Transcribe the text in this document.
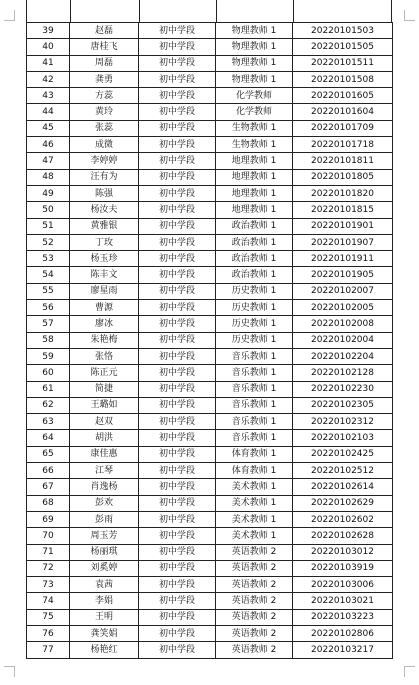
39	赵磊	初中学段	物理教师 1	20220101503
40	唐桂飞	初中学段	物理教师 1	20220101505
41	周磊	初中学段	物理教师 1	20220101511
42	龚勇	初中学段	物理教师 1	20220101508
43	方蕊	初中学段	化学教师	20220101605
44	黄玲	初中学段	化学教师	20220101604
45	张蕊	初中学段	生物教师 1	20220101709
46	成微	初中学段	生物教师 1	20220101718
47	李婷婷	初中学段	地理教师 1	20220101811
48	汪有为	初中学段	地理教师 1	20220101805
49	陈强	初中学段	地理教师 1	20220101820
50	杨汝夫	初中学段	地理教师 1	20220101815
51	黄雅银	初中学段	政治教师 1	20220101901
52	丁玫	初中学段	政治教师 1	20220101907
53	杨玉珍	初中学段	政治教师 1	20220101911
54	陈丰文	初中学段	政治教师 1	20220101905
55	廖星雨	初中学段	历史教师 1	20220102007
56	曹源	初中学段	历史教师 1	20220102005
57	廖冰	初中学段	历史教师 1	20220102008
58	朱艳梅	初中学段	历史教师 1	20220102004
59	张恪	初中学段	音乐教师 1	20220102204
60	陈正元	初中学段	音乐教师 1	20220102128
61	简捷	初中学段	音乐教师 1	20220102230
62	王璐如	初中学段	音乐教师 1	20220102305
63	赵双	初中学段	音乐教师 1	20220102312
64	胡洪	初中学段	音乐教师 1	20220102103
65	康佳惠	初中学段	体育教师 1	20220102425
66	江琴	初中学段	体育教师 1	20220102512
67	肖逸杨	初中学段	美术教师 1	20220102614
68	彭欢	初中学段	美术教师 1	20220102629
69	彭雨	初中学段	美术教师 1	20220102602
70	周玉芳	初中学段	美术教师 1	20220102628
71	杨丽琪	初中学段	英语教师 2	20220103012
72	刘奚婷	初中学段	英语教师 2	20220103919
73	袁茜	初中学段	英语教师 2	20220103006
74	李娟	初中学段	英语教师 2	20220103021
75	王明	初中学段	英语教师 2	20220103223
76	龚笑娟	初中学段	英语教师 2	20220102806
77	杨艳红	初中学段	英语教师 2	20220103217
